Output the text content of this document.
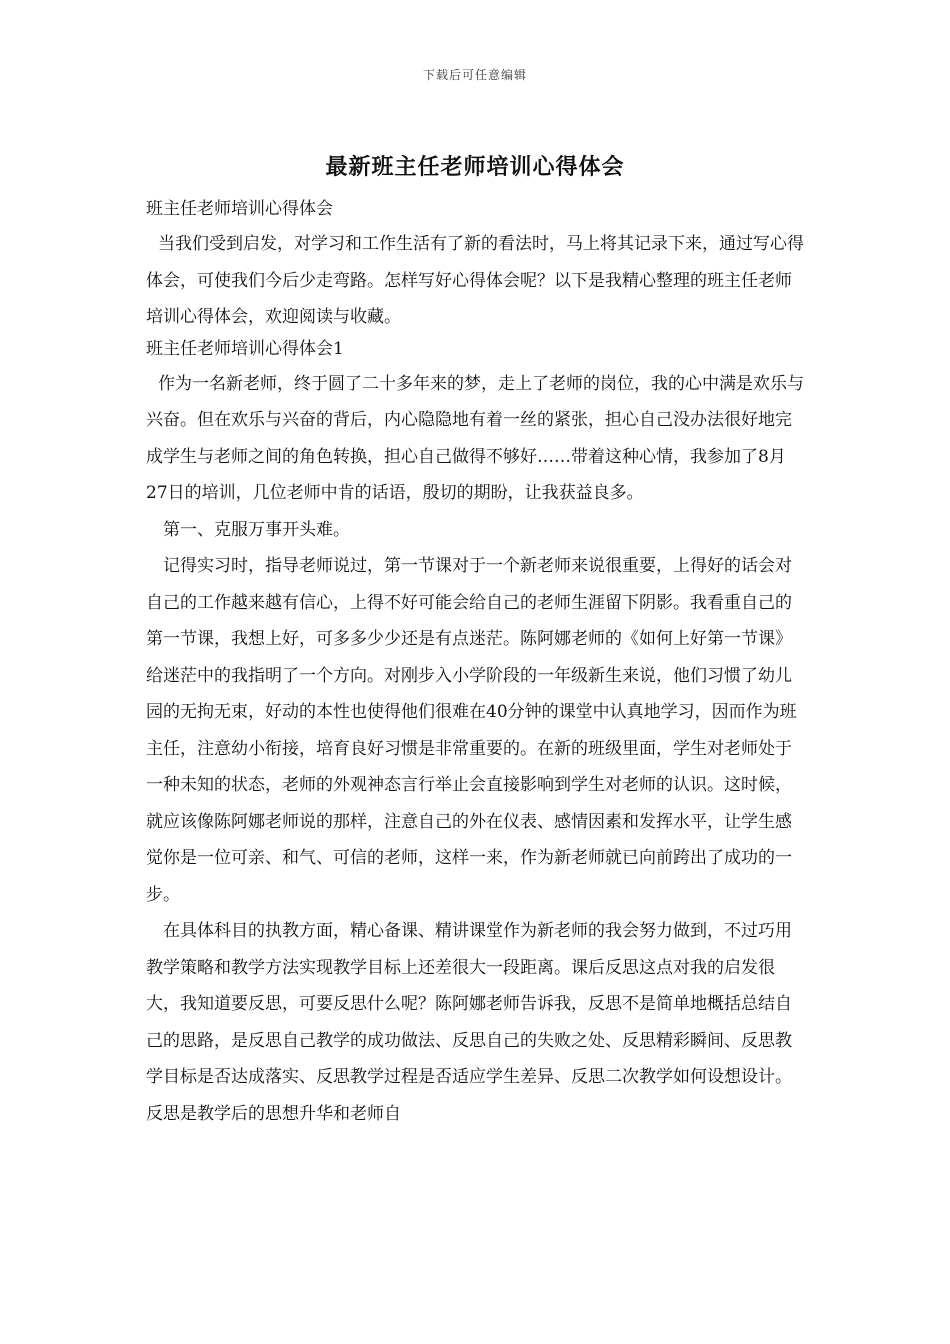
下载后可任意编辑
最新班主任老师培训心得体会

班主任老师培训心得体会

当我们受到启发，对学习和工作生活有了新的看法时，马上将其记录下来，通过写心得体会，可使我们今后少走弯路。怎样写好心得体会呢？以下是我精心整理的班主任老师培训心得体会，欢迎阅读与收藏。

班主任老师培训心得体会1

作为一名新老师，终于圆了二十多年来的梦，走上了老师的岗位，我的心中满是欢乐与兴奋。但在欢乐与兴奋的背后，内心隐隐地有着一丝的紧张，担心自己没办法很好地完成学生与老师之间的角色转换，担心自己做得不够好……带着这种心情，我参加了8月27日的培训，几位老师中肯的话语，殷切的期盼，让我获益良多。

第一、克服万事开头难。

记得实习时，指导老师说过，第一节课对于一个新老师来说很重要，上得好的话会对自己的工作越来越有信心，上得不好可能会给自己的老师生涯留下阴影。我看重自己的第一节课，我想上好，可多多少少还是有点迷茫。陈阿娜老师的《如何上好第一节课》给迷茫中的我指明了一个方向。对刚步入小学阶段的一年级新生来说，他们习惯了幼儿园的无拘无束，好动的本性也使得他们很难在40分钟的课堂中认真地学习，因而作为班主任，注意幼小衔接，培育良好习惯是非常重要的。在新的班级里面，学生对老师处于一种未知的状态，老师的外观神态言行举止会直接影响到学生对老师的认识。这时候，就应该像陈阿娜老师说的那样，注意自己的外在仪表、感情因素和发挥水平，让学生感觉你是一位可亲、和气、可信的老师，这样一来，作为新老师就已向前跨出了成功的一步。

在具体科目的执教方面，精心备课、精讲课堂作为新老师的我会努力做到，不过巧用教学策略和教学方法实现教学目标上还差很大一段距离。课后反思这点对我的启发很大，我知道要反思，可要反思什么呢？陈阿娜老师告诉我，反思不是简单地概括总结自己的思路，是反思自己教学的成功做法、反思自己的失败之处、反思精彩瞬间、反思教学目标是否达成落实、反思教学过程是否适应学生差异、反思二次教学如何设想设计。反思是教学后的思想升华和老师自
